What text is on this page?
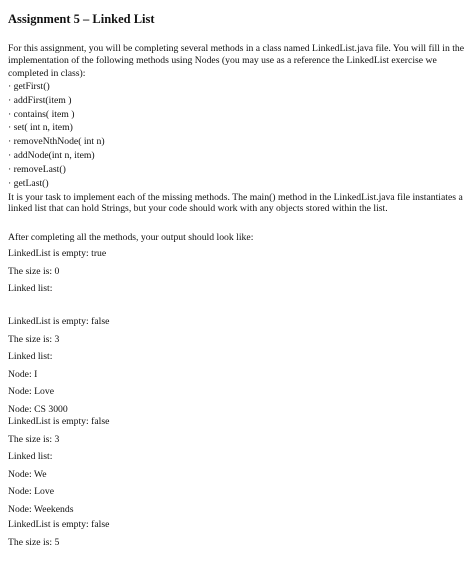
Assignment 5 – Linked List
For this assignment, you will be completing several methods in a class named LinkedList.java file. You will fill in the implementation of the following methods using Nodes (you may use as a reference the LinkedList exercise we completed in class):
· getFirst()
· addFirst(item )
· contains( item )
· set( int n, item)
· removeNthNode( int n)
· addNode(int n, item)
· removeLast()
· getLast()
It is your task to implement each of the missing methods. The main() method in the LinkedList.java file instantiates a linked list that can hold Strings, but your code should work with any objects stored within the list.
After completing all the methods, your output should look like:
LinkedList is empty: true
The size is: 0
Linked list:
LinkedList is empty: false
The size is: 3
Linked list:
Node: I
Node: Love
Node: CS 3000
LinkedList is empty: false
The size is: 3
Linked list:
Node: We
Node: Love
Node: Weekends
LinkedList is empty: false
The size is: 5
